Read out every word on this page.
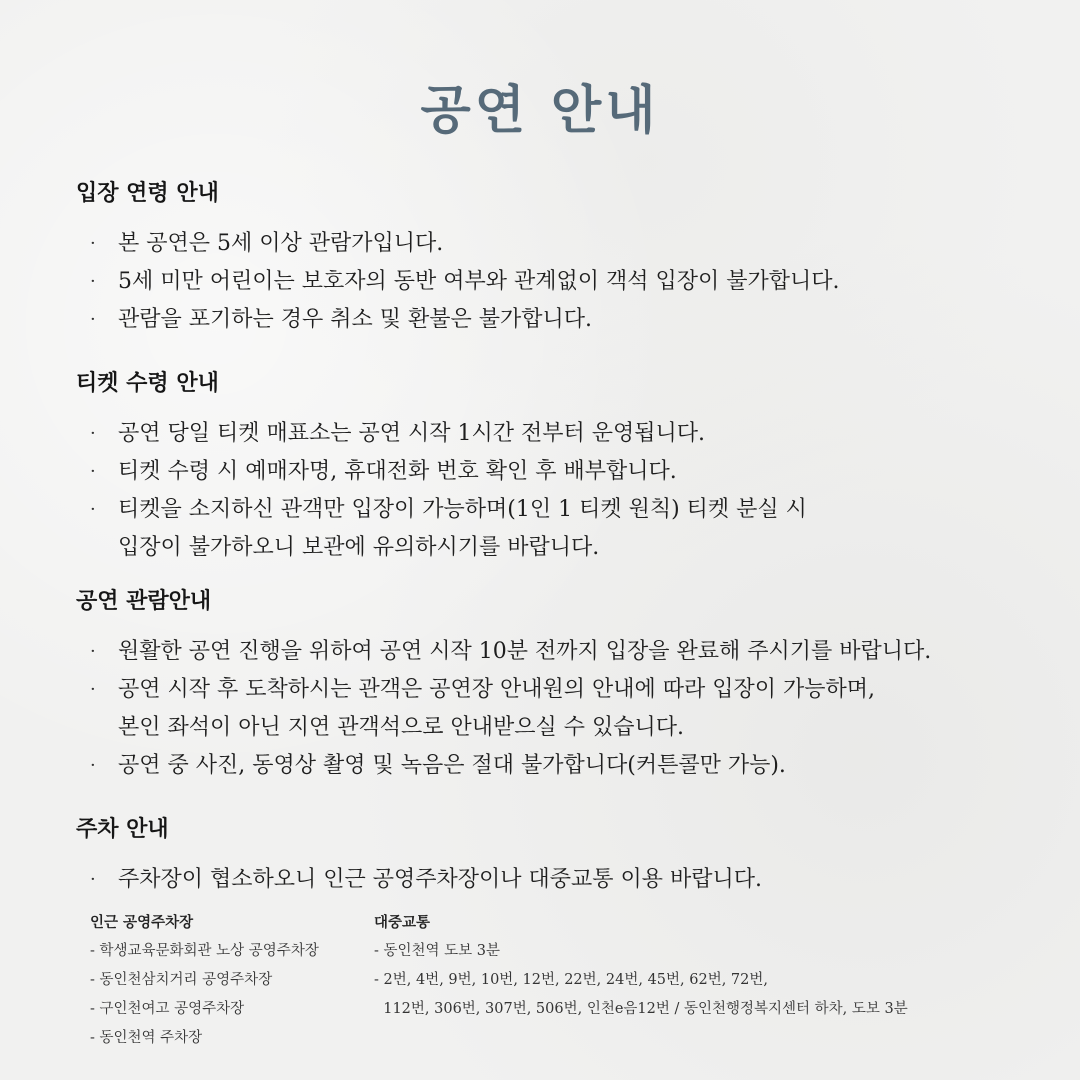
공연 안내
입장 연령 안내
· 본 공연은 5세 이상 관람가입니다.
· 5세 미만 어린이는 보호자의 동반 여부와 관계없이 객석 입장이 불가합니다.
· 관람을 포기하는 경우 취소 및 환불은 불가합니다.
티켓 수령 안내
· 공연 당일 티켓 매표소는 공연 시작 1시간 전부터 운영됩니다.
· 티켓 수령 시 예매자명, 휴대전화 번호 확인 후 배부합니다.
· 티켓을 소지하신 관객만 입장이 가능하며(1인 1 티켓 원칙) 티켓 분실 시
입장이 불가하오니 보관에 유의하시기를 바랍니다.
공연 관람안내
· 원활한 공연 진행을 위하여 공연 시작 10분 전까지 입장을 완료해 주시기를 바랍니다.
· 공연 시작 후 도착하시는 관객은 공연장 안내원의 안내에 따라 입장이 가능하며,
본인 좌석이 아닌 지연 관객석으로 안내받으실 수 있습니다.
· 공연 중 사진, 동영상 촬영 및 녹음은 절대 불가합니다(커튼콜만 가능).
주차 안내
· 주차장이 협소하오니 인근 공영주차장이나 대중교통 이용 바랍니다.
인근 공영주차장
- 학생교육문화회관 노상 공영주차장
- 동인천삼치거리 공영주차장
- 구인천여고 공영주차장
- 동인천역 주차장
대중교통
- 동인천역 도보 3분
- 2번, 4번, 9번, 10번, 12번, 22번, 24번, 45번, 62번, 72번,
112번, 306번, 307번, 506번, 인천e음12번 / 동인천행정복지센터 하차, 도보 3분
